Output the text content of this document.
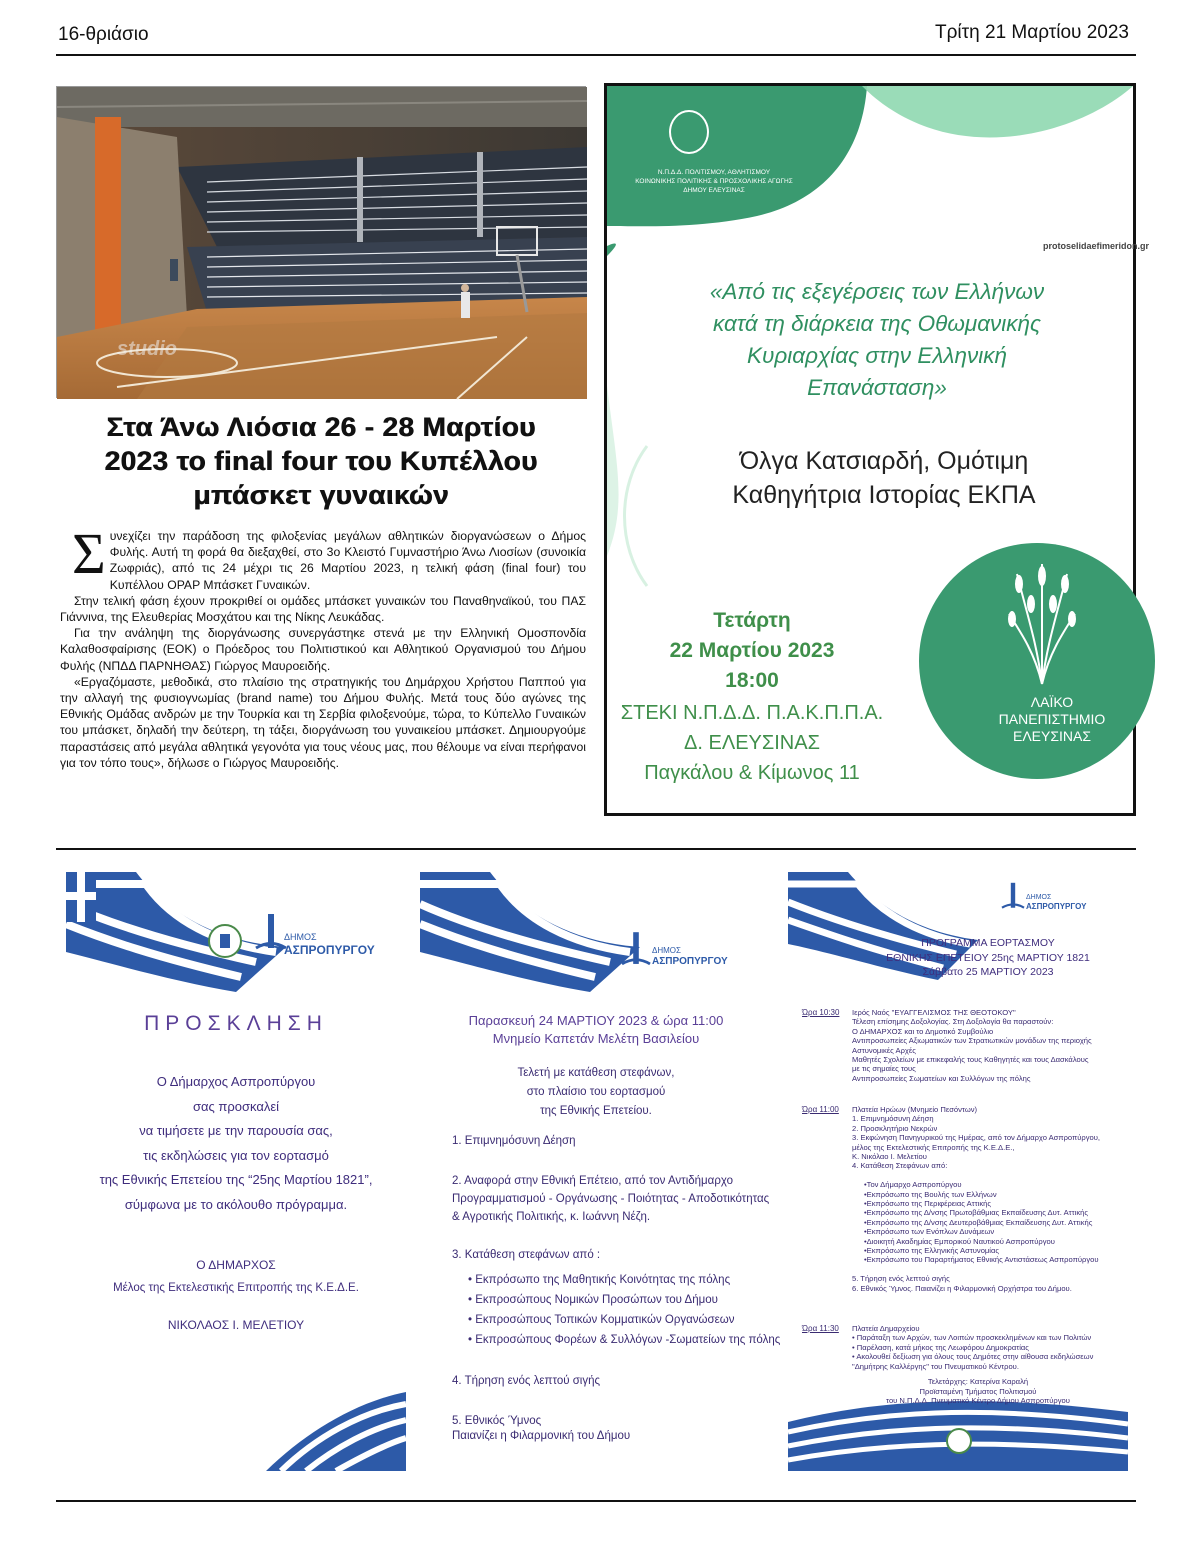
16-θριάσιο	Τρίτη 21 Μαρτίου 2023
studio
Στα Άνω Λιόσια 26 - 28 Μαρτίου
2023 το final four του Κυπέλλου
μπάσκετ γυναικών

Συνεχίζει την παράδοση της φιλοξενίας μεγάλων αθλητικών διοργανώσεων ο Δήμος Φυλής. Αυτή τη φορά θα διεξαχθεί, στο 3ο Κλειστό Γυμναστήριο Άνω Λιοσίων (συνοικία Ζωφριάς), από τις 24 μέχρι τις 26 Μαρτίου 2023, η τελική φάση (final four) του Κυπέλλου ΟΡΑΡ Μπάσκετ Γυναικών.

Στην τελική φάση έχουν προκριθεί οι ομάδες μπάσκετ γυναικών του Παναθηναϊκού, του ΠΑΣ Γιάννινα, της Ελευθερίας Μοσχάτου και της Νίκης Λευκάδας.

Για την ανάληψη της διοργάνωσης συνεργάστηκε στενά με την Ελληνική Ομοσπονδία Καλαθοσφαίρισης (ΕΟΚ) ο Πρόεδρος του Πολιτιστικού και Αθλητικού Οργανισμού του Δήμου Φυλής (ΝΠΔΔ ΠΑΡΝΗΘΑΣ) Γιώργος Μαυροειδής.

«Εργαζόμαστε, μεθοδικά, στο πλαίσιο της στρατηγικής του Δημάρχου Χρήστου Παππού για την αλλαγή της φυσιογνωμίας (brand name) του Δήμου Φυλής. Μετά τους δύο αγώνες της Εθνικής Ομάδας ανδρών με την Τουρκία και τη Σερβία φιλοξενούμε, τώρα, το Κύπελλο Γυναικών του μπάσκετ, δηλαδή την δεύτερη, τη τάξει, διοργάνωση του γυναικείου μπάσκετ. Δημιουργούμε παραστάσεις από μεγάλα αθλητικά γεγονότα για τους νέους μας, που θέλουμε να είναι περήφανοι για τον τόπο τους», δήλωσε ο Γιώργος Μαυροειδής.

Ν.Π.Δ.Δ. ΠΟΛΙΤΙΣΜΟΥ, ΑΘΛΗΤΙΣΜΟΥ
ΚΟΙΝΩΝΙΚΗΣ ΠΟΛΙΤΙΚΗΣ & ΠΡΟΣΧΟΛΙΚΗΣ ΑΓΩΓΗΣ
ΔΗΜΟΥ ΕΛΕΥΣΙΝΑΣ
protoselidaefimeridon.gr
«Από τις εξεγέρσεις των Ελλήνων
κατά τη διάρκεια της Οθωμανικής
Κυριαρχίας στην Ελληνική
Επανάσταση»
Όλγα Κατσιαρδή, Ομότιμη
Καθηγήτρια Ιστορίας ΕΚΠΑ
Τετάρτη
22 Μαρτίου 2023
18:00
ΣΤΕΚΙ Ν.Π.Δ.Δ. Π.Α.Κ.Π.Π.Α.
Δ. ΕΛΕΥΣΙΝΑΣ
Παγκάλου & Κίμωνος 11
ΛΑΪΚΟ
ΠΑΝΕΠΙΣΤΗΜΙΟ
ΕΛΕΥΣΙΝΑΣ
ΔΗΜΟΣ
ΑΣΠΡΟΠΥΡΓΟΥ
ΠΡΟΣΚΛΗΣΗ
Ο Δήμαρχος Ασπροπύργου
σας προσκαλεί
να τιμήσετε με την παρουσία σας,
τις εκδηλώσεις για τον εορτασμό
της Εθνικής Επετείου της “25ης Μαρτίου 1821”,
σύμφωνα με το ακόλουθο πρόγραμμα.
Ο ΔΗΜΑΡΧΟΣ
Μέλος της Εκτελεστικής Επιτροπής της Κ.Ε.Δ.Ε.
ΝΙΚΟΛΑΟΣ Ι. ΜΕΛΕΤΙΟΥ
ΔΗΜΟΣ
ΑΣΠΡΟΠΥΡΓΟΥ
Παρασκευή 24 ΜΑΡΤΙΟΥ 2023 & ώρα 11:00
Μνημείο Καπετάν Μελέτη Βασιλείου
Τελετή με κατάθεση στεφάνων,
στο πλαίσιο του εορτασμού
της Εθνικής Επετείου.
1. Επιμνημόσυνη Δέηση
2. Αναφορά στην Εθνική Επέτειο, από τον Αντιδήμαρχο
Προγραμματισμού - Οργάνωσης - Ποιότητας - Αποδοτικότητας
& Αγροτικής Πολιτικής, κ. Ιωάννη Νέζη.
3. Κατάθεση στεφάνων από :
• Εκπρόσωπο της Μαθητικής Κοινότητας της πόλης
• Εκπροσώπους Νομικών Προσώπων του Δήμου
• Εκπροσώπους Τοπικών Κομματικών Οργανώσεων
• Εκπροσώπους Φορέων & Συλλόγων -Σωματείων της πόλης
4. Τήρηση ενός λεπτού σιγής
5. Εθνικός Ύμνος
Παιανίζει η Φιλαρμονική του Δήμου
ΔΗΜΟΣ
ΑΣΠΡΟΠΥΡΓΟΥ
ΠΡΟΓΡΑΜΜΑ ΕΟΡΤΑΣΜΟΥ
ΕΘΝΙΚΗΣ ΕΠΕΤΕΙΟΥ 25ης ΜΑΡΤΙΟΥ 1821
Σάββατο 25 ΜΑΡΤΙΟΥ 2023
Ώρα 10:30 Ιερός Ναός "ΕΥΑΓΓΕΛΙΣΜΟΣ ΤΗΣ ΘΕΟΤΟΚΟΥ"
Τέλεση επίσημης Δοξολογίας. Στη Δοξολογία θα παραστούν:
Ο ΔΗΜΑΡΧΟΣ και το Δημοτικό Συμβούλιο
Αντιπροσωπείες Αξιωματικών των Στρατιωτικών μονάδων της περιοχής
Αστυνομικές Αρχές
Μαθητές Σχολείων με επικεφαλής τους Καθηγητές και τους Δασκάλους
με τις σημαίες τους
Αντιπροσωπείες Σωματείων και Συλλόγων της πόλης
Ώρα 11:00 Πλατεία Ηρώων (Μνημείο Πεσόντων)
1. Επιμνημόσυνη Δέηση
2. Προσκλητήριο Νεκρών
3. Εκφώνηση Πανηγυρικού της Ημέρας, από τον Δήμαρχο Ασπροπύργου,
μέλος της Εκτελεστικής Επιτροπής της Κ.Ε.Δ.Ε.,
Κ. Νικόλαο Ι. Μελετίου
4. Κατάθεση Στεφάνων από:
•Τον Δήμαρχο Ασπροπύργου
•Εκπρόσωπο της Βουλής των Ελλήνων
•Εκπρόσωπο της Περιφέρειας Αττικής
•Εκπρόσωπο της Δ/νσης Πρωτοβάθμιας Εκπαίδευσης Δυτ. Αττικής
•Εκπρόσωπο της Δ/νσης Δευτεροβάθμιας Εκπαίδευσης Δυτ. Αττικής
•Εκπρόσωπο των Ενόπλων Δυνάμεων
•Διοικητή Ακαδημίας Εμπορικού Ναυτικού Ασπροπύργου
•Εκπρόσωπο της Ελληνικής Αστυνομίας
•Εκπρόσωπο του Παραρτήματος Εθνικής Αντιστάσεως Ασπροπύργου
5. Τήρηση ενός λεπτού σιγής
6. Εθνικός Ύμνος. Παιανίζει η Φιλαρμονική Ορχήστρα του Δήμου.
Ώρα 11:30 Πλατεία Δημαρχείου
• Παράταξη των Αρχών, των Λοιπών προσκεκλημένων και των Πολιτών
• Παρέλαση, κατά μήκος της Λεωφόρου Δημοκρατίας
• Ακολουθεί δεξίωση για όλους τους Δημότες στην αίθουσα εκδηλώσεων
"Δημήτρης Καλλέργης" του Πνευματικού Κέντρου.
Τελετάρχης: Κατερίνα Καραλή
Προϊσταμένη Τμήματος Πολιτισμού
του Ν.Π.Δ.Δ. Πνευματικό Κέντρο Δήμου Ασπροπύργου
